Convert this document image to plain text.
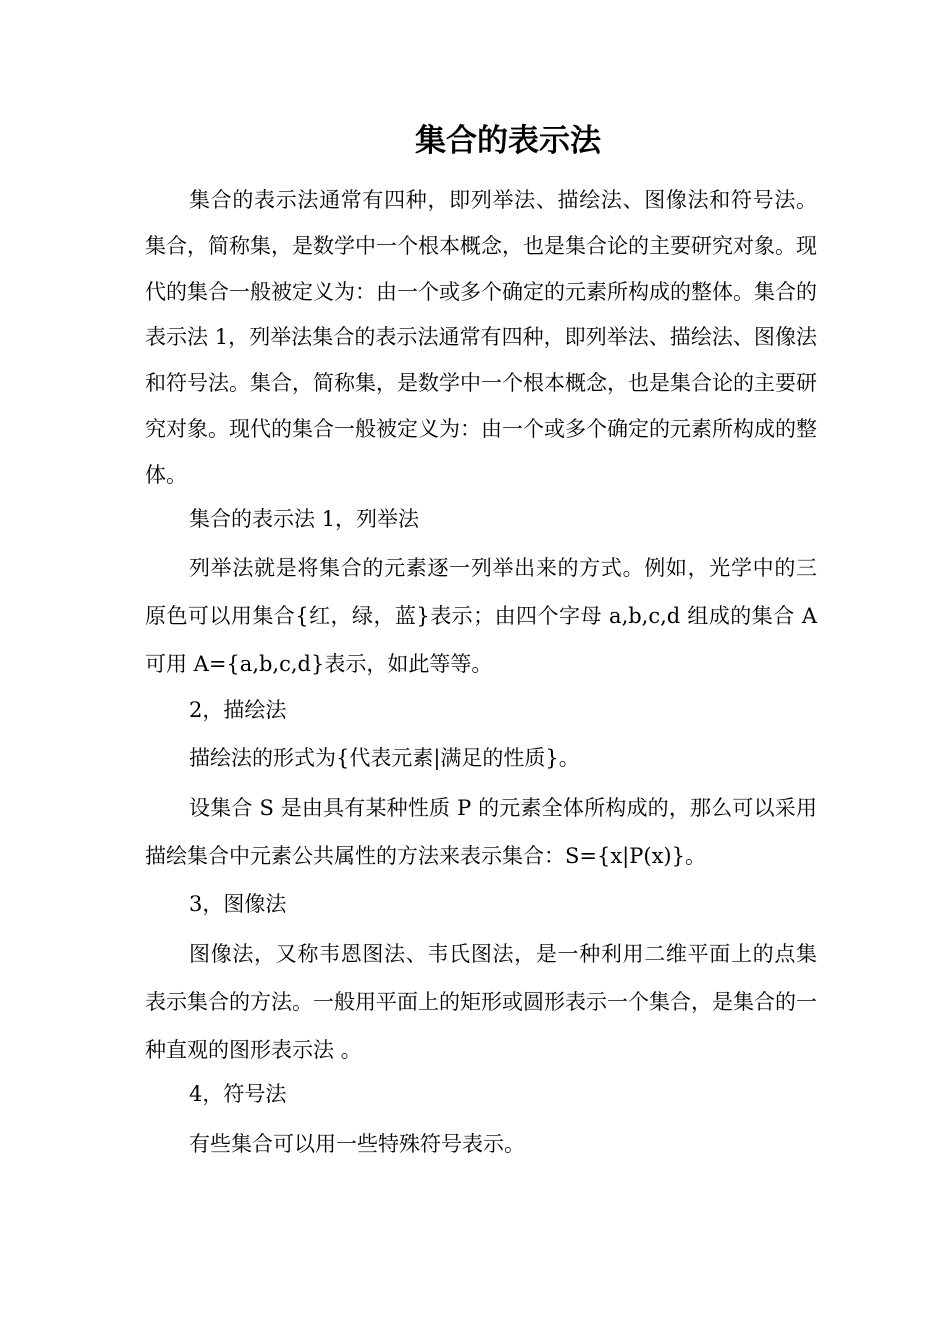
集合的表示法

集合的表示法通常有四种，即列举法、描绘法、图像法和符号法。集合，简称集，是数学中一个根本概念，也是集合论的主要研究对象。现代的集合一般被定义为：由一个或多个确定的元素所构成的整体。集合的表示法 1，列举法集合的表示法通常有四种，即列举法、描绘法、图像法和符号法。集合，简称集，是数学中一个根本概念，也是集合论的主要研究对象。现代的集合一般被定义为：由一个或多个确定的元素所构成的整体。

集合的表示法 1，列举法

列举法就是将集合的元素逐一列举出来的方式。例如，光学中的三原色可以用集合{红，绿，蓝}表示；由四个字母 a,b,c,d 组成的集合 A 可用 A={a,b,c,d}表示，如此等等。

2，描绘法

描绘法的形式为{代表元素|满足的性质}。

设集合 S 是由具有某种性质 P 的元素全体所构成的，那么可以采用描绘集合中元素公共属性的方法来表示集合：S={x|P(x)}。

3，图像法

图像法，又称韦恩图法、韦氏图法，是一种利用二维平面上的点集表示集合的方法。一般用平面上的矩形或圆形表示一个集合，是集合的一种直观的图形表示法 。

4，符号法

有些集合可以用一些特殊符号表示。
